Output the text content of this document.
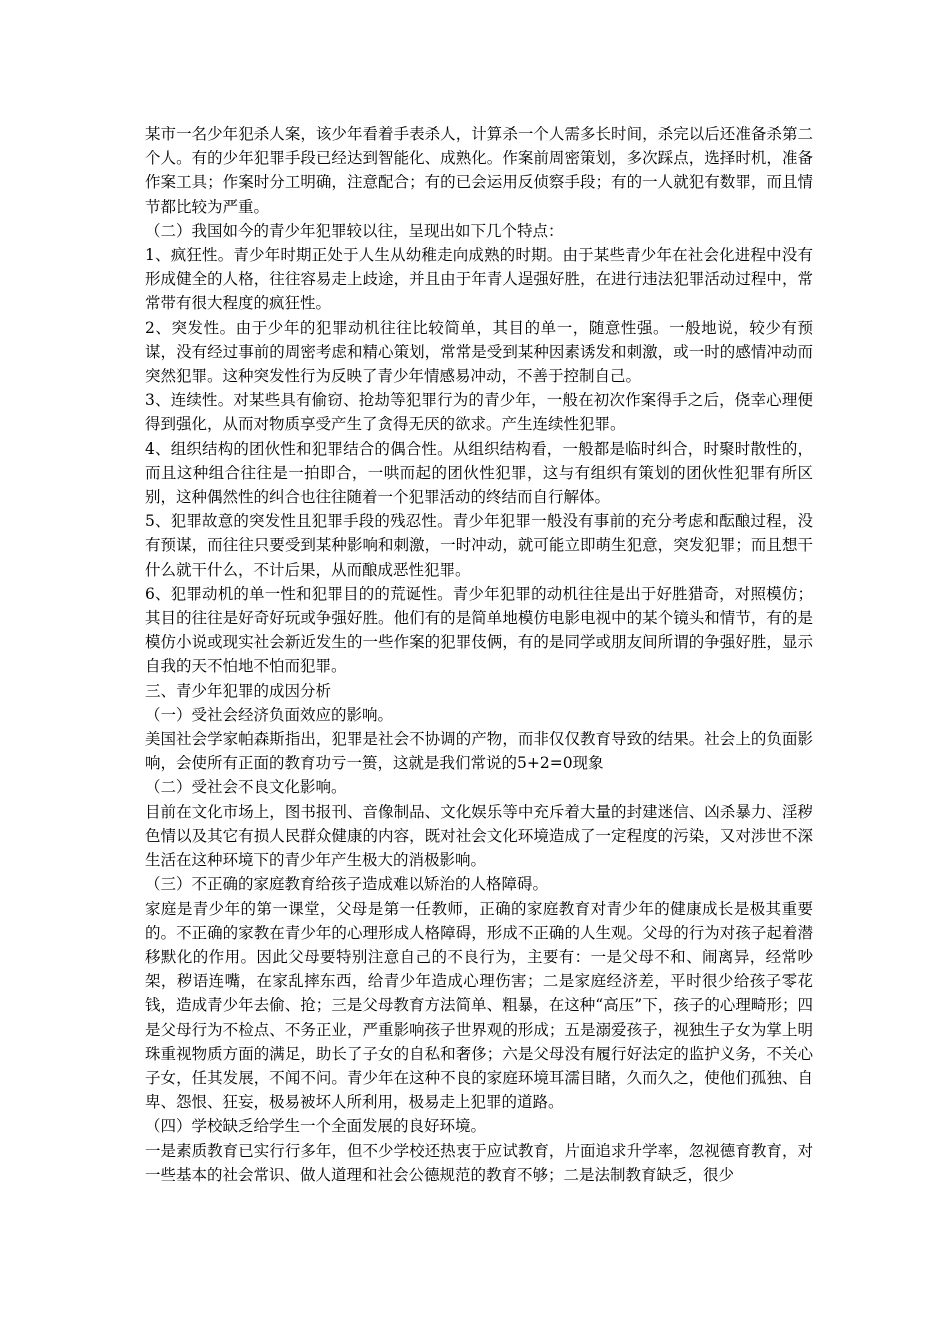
某市一名少年犯杀人案，该少年看着手表杀人，计算杀一个人需多长时间，杀完以后还准备杀第二个人。有的少年犯罪手段已经达到智能化、成熟化。作案前周密策划，多次踩点，选择时机，准备作案工具；作案时分工明确，注意配合；有的已会运用反侦察手段；有的一人就犯有数罪，而且情节都比较为严重。

（二）我国如今的青少年犯罪较以往，呈现出如下几个特点：

1、疯狂性。青少年时期正处于人生从幼稚走向成熟的时期。由于某些青少年在社会化进程中没有形成健全的人格，往往容易走上歧途，并且由于年青人逞强好胜，在进行违法犯罪活动过程中，常常带有很大程度的疯狂性。

2、突发性。由于少年的犯罪动机往往比较简单，其目的单一，随意性强。一般地说，较少有预谋，没有经过事前的周密考虑和精心策划，常常是受到某种因素诱发和刺激，或一时的感情冲动而突然犯罪。这种突发性行为反映了青少年情感易冲动，不善于控制自己。

3、连续性。对某些具有偷窃、抢劫等犯罪行为的青少年，一般在初次作案得手之后，侥幸心理便得到强化，从而对物质享受产生了贪得无厌的欲求。产生连续性犯罪。

4、组织结构的团伙性和犯罪结合的偶合性。从组织结构看，一般都是临时纠合，时聚时散性的，而且这种组合往往是一拍即合，一哄而起的团伙性犯罪，这与有组织有策划的团伙性犯罪有所区别，这种偶然性的纠合也往往随着一个犯罪活动的终结而自行解体。

5、犯罪故意的突发性且犯罪手段的残忍性。青少年犯罪一般没有事前的充分考虑和酝酿过程，没有预谋，而往往只要受到某种影响和刺激，一时冲动，就可能立即萌生犯意，突发犯罪；而且想干什么就干什么，不计后果，从而酿成恶性犯罪。

6、犯罪动机的单一性和犯罪目的的荒诞性。青少年犯罪的动机往往是出于好胜猎奇，对照模仿；其目的往往是好奇好玩或争强好胜。他们有的是简单地模仿电影电视中的某个镜头和情节，有的是模仿小说或现实社会新近发生的一些作案的犯罪伎俩，有的是同学或朋友间所谓的争强好胜，显示自我的天不怕地不怕而犯罪。

三、青少年犯罪的成因分析

（一）受社会经济负面效应的影响。

美国社会学家帕森斯指出，犯罪是社会不协调的产物，而非仅仅教育导致的结果。社会上的负面影响，会使所有正面的教育功亏一篑，这就是我们常说的5+2=0现象

（二）受社会不良文化影响。

目前在文化市场上，图书报刊、音像制品、文化娱乐等中充斥着大量的封建迷信、凶杀暴力、淫秽色情以及其它有损人民群众健康的内容，既对社会文化环境造成了一定程度的污染，又对涉世不深生活在这种环境下的青少年产生极大的消极影响。

（三）不正确的家庭教育给孩子造成难以矫治的人格障碍。

家庭是青少年的第一课堂，父母是第一任教师，正确的家庭教育对青少年的健康成长是极其重要的。不正确的家教在青少年的心理形成人格障碍，形成不正确的人生观。父母的行为对孩子起着潜移默化的作用。因此父母要特别注意自己的不良行为，主要有：一是父母不和、闹离异，经常吵架，秽语连嘴，在家乱摔东西，给青少年造成心理伤害；二是家庭经济差，平时很少给孩子零花钱，造成青少年去偷、抢；三是父母教育方法简单、粗暴，在这种“高压”下，孩子的心理畸形；四是父母行为不检点、不务正业，严重影响孩子世界观的形成；五是溺爱孩子，视独生子女为掌上明珠重视物质方面的满足，助长了子女的自私和奢侈；六是父母没有履行好法定的监护义务，不关心子女，任其发展，不闻不问。青少年在这种不良的家庭环境耳濡目睹，久而久之，使他们孤独、自卑、怨恨、狂妄，极易被坏人所利用，极易走上犯罪的道路。

（四）学校缺乏给学生一个全面发展的良好环境。

一是素质教育已实行行多年，但不少学校还热衷于应试教育，片面追求升学率，忽视德育教育，对一些基本的社会常识、做人道理和社会公德规范的教育不够；二是法制教育缺乏，很少
